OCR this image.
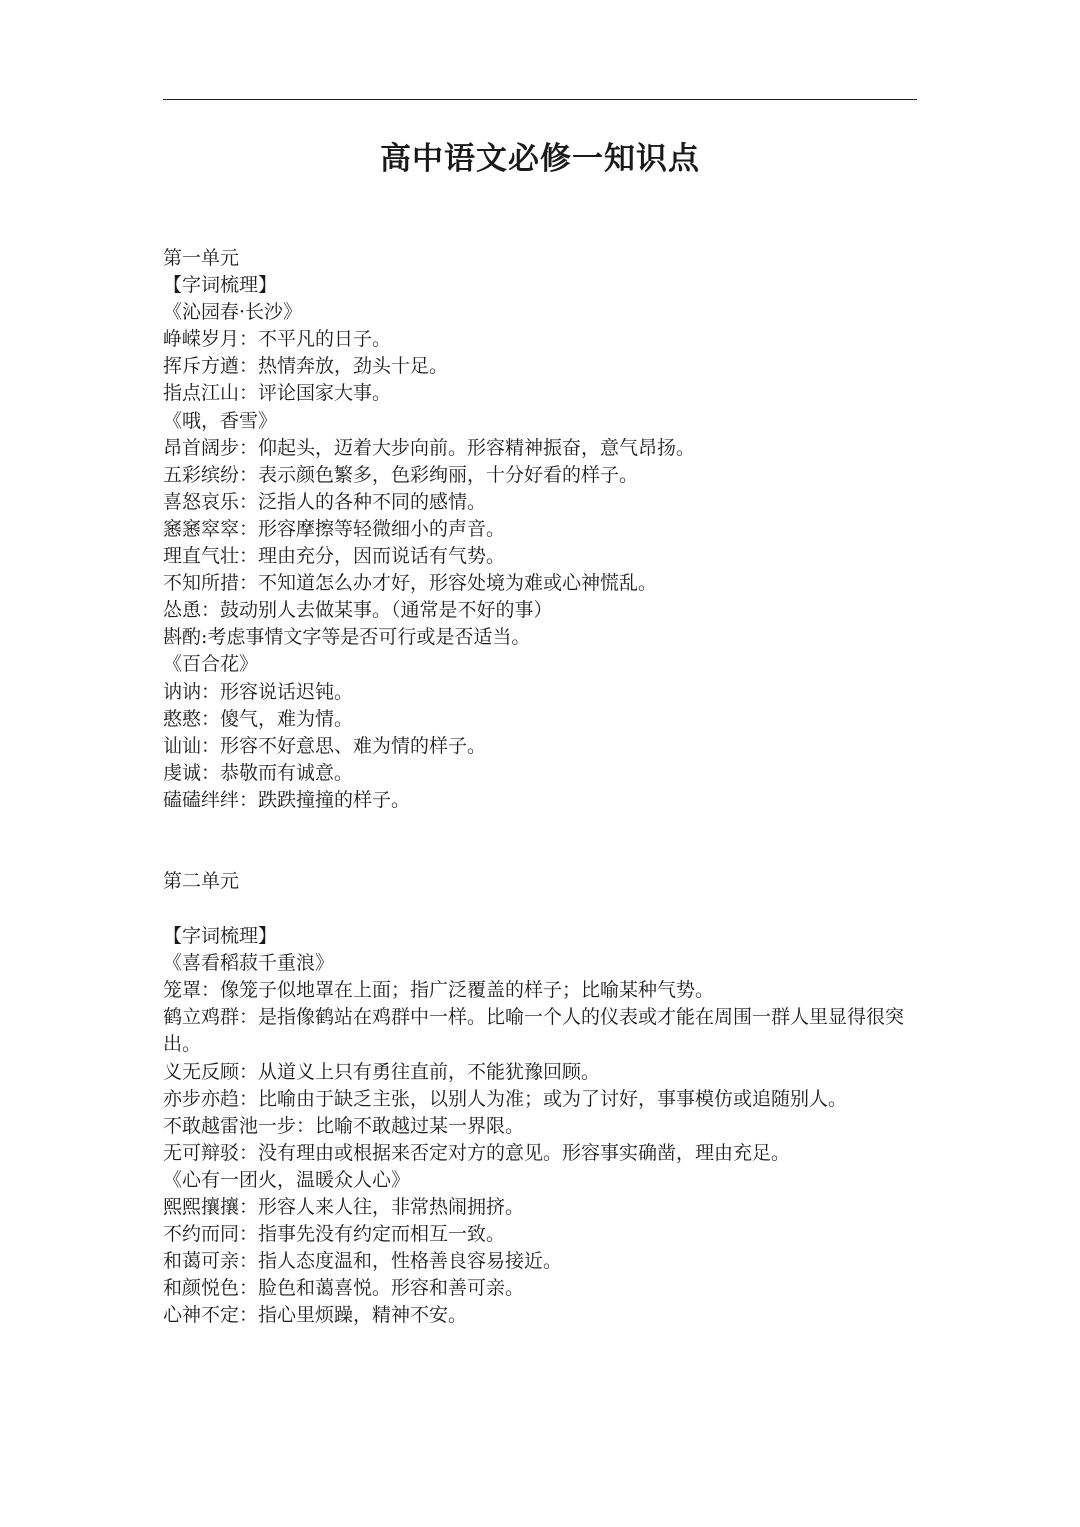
高中语文必修一知识点

第一单元

【字词梳理】

《沁园春·长沙》

峥嵘岁月：不平凡的日子。

挥斥方遒：热情奔放，劲头十足。

指点江山：评论国家大事。

《哦，香雪》

昂首阔步：仰起头，迈着大步向前。形容精神振奋，意气昂扬。

五彩缤纷：表示颜色繁多，色彩绚丽，十分好看的样子。

喜怒哀乐：泛指人的各种不同的感情。

窸窸窣窣：形容摩擦等轻微细小的声音。

理直气壮：理由充分，因而说话有气势。

不知所措：不知道怎么办才好，形容处境为难或心神慌乱。

怂恿：鼓动别人去做某事。（通常是不好的事）

斟酌:考虑事情文字等是否可行或是否适当。

《百合花》

讷讷：形容说话迟钝。

憨憨：傻气，难为情。

讪讪：形容不好意思、难为情的样子。

虔诚：恭敬而有诚意。

磕磕绊绊：跌跌撞撞的样子。

第二单元

【字词梳理】

《喜看稻菽千重浪》

笼罩：像笼子似地罩在上面；指广泛覆盖的样子；比喻某种气势。

鹤立鸡群：是指像鹤站在鸡群中一样。比喻一个人的仪表或才能在周围一群人里显得很突出。

义无反顾：从道义上只有勇往直前，不能犹豫回顾。

亦步亦趋：比喻由于缺乏主张，以别人为准；或为了讨好，事事模仿或追随别人。

不敢越雷池一步：比喻不敢越过某一界限。

无可辩驳：没有理由或根据来否定对方的意见。形容事实确凿，理由充足。

《心有一团火，温暖众人心》

熙熙攘攘：形容人来人往，非常热闹拥挤。

不约而同：指事先没有约定而相互一致。

和蔼可亲：指人态度温和，性格善良容易接近。

和颜悦色：脸色和蔼喜悦。形容和善可亲。

心神不定：指心里烦躁，精神不安。
